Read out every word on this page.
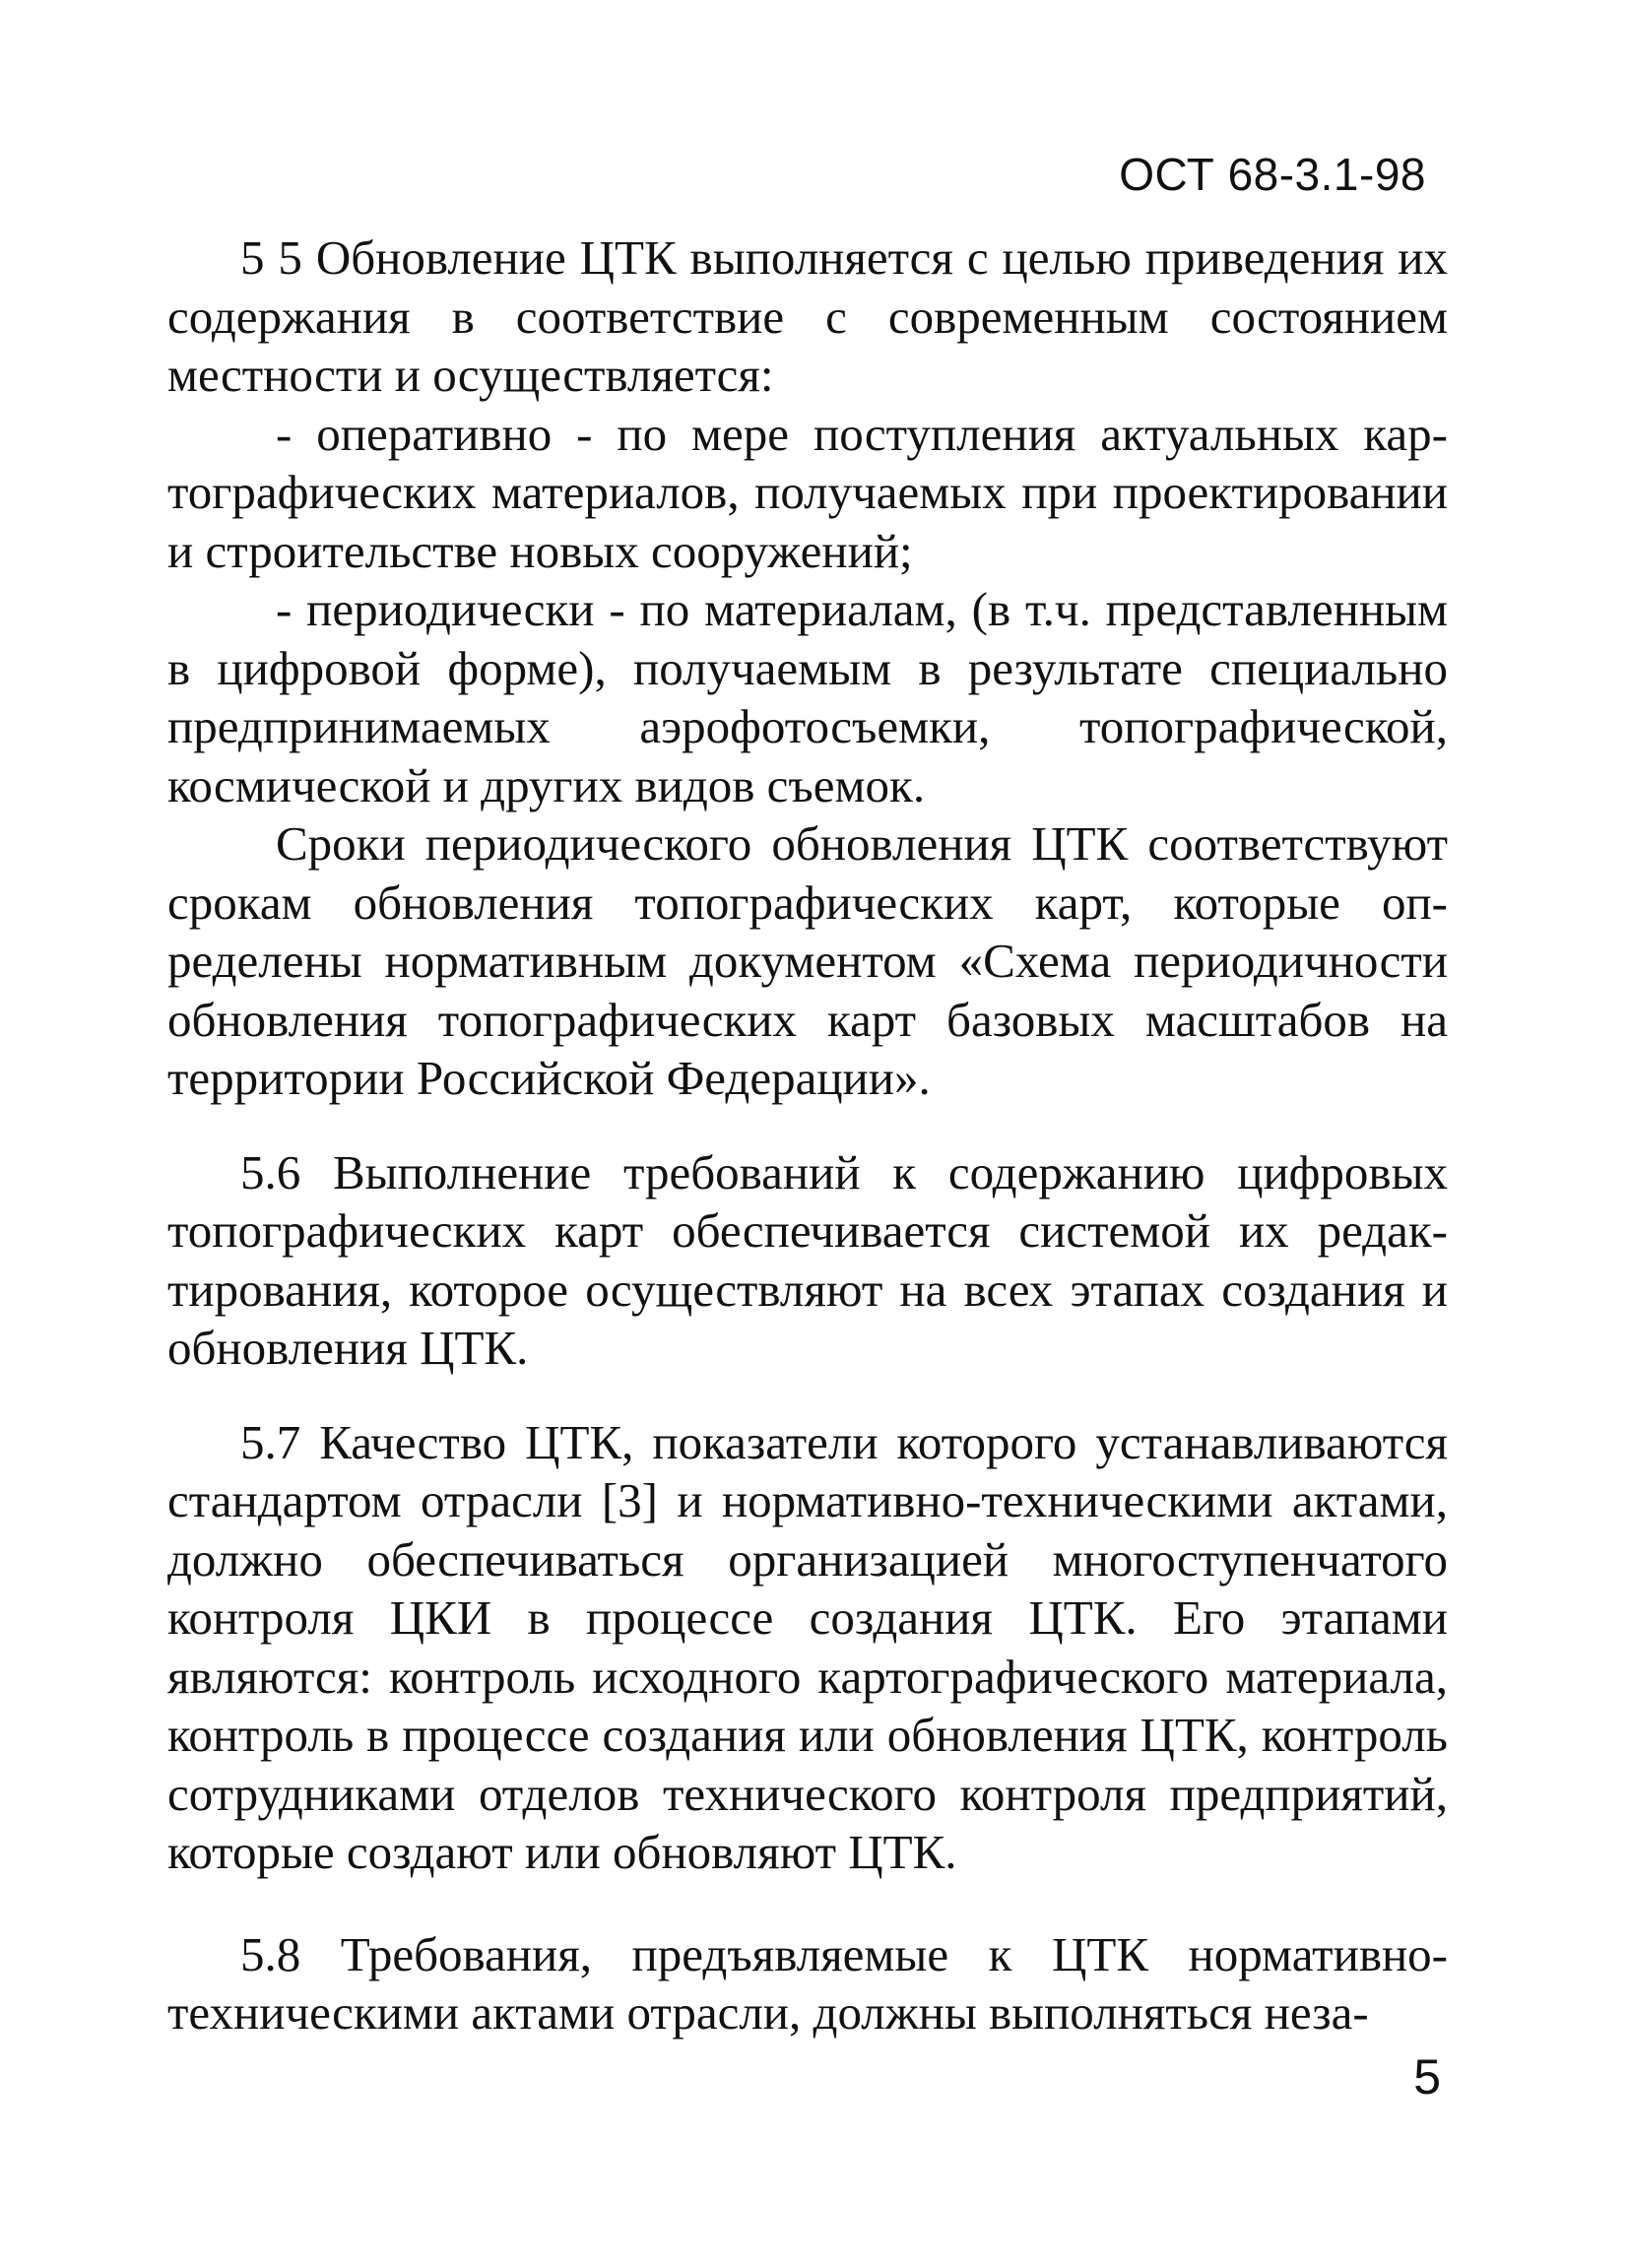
ОСТ 68-3.1-98

5 5 Обновление ЦТК выполняется с целью приведения их содержания в соответствие с современным состоянием местности и осуществляется:

- оперативно - по мере поступления актуальных картографических материалов, получаемых при проектировании и строительстве новых сооружений;

- периодически - по материалам, (в т.ч. представленным в цифровой форме), получаемым в результате специально предпринимаемых аэрофотосъемки, топографической, космической и других видов съемок.

Сроки периодического обновления ЦТК соответствуют срокам обновления топографических карт, которые определены нормативным документом «Схема периодичности обновления топографических карт базовых масштабов на территории Российской Федерации».

5.6 Выполнение требований к содержанию цифровых топографических карт обеспечивается системой их редактирования, которое осуществляют на всех этапах создания и обновления ЦТК.

5.7 Качество ЦТК, показатели которого устанавливаются стандартом отрасли [3] и нормативно-техническими актами, должно обеспечиваться организацией многоступенчатого контроля ЦКИ в процессе создания ЦТК. Его этапами являются: контроль исходного картографического материала, контроль в процессе создания или обновления ЦТК, контроль сотрудниками отделов технического контроля предприятий, которые создают или обновляют ЦТК.

5.8 Требования, предъявляемые к ЦТК нормативно-техническими актами отрасли, должны выполняться неза-

5
